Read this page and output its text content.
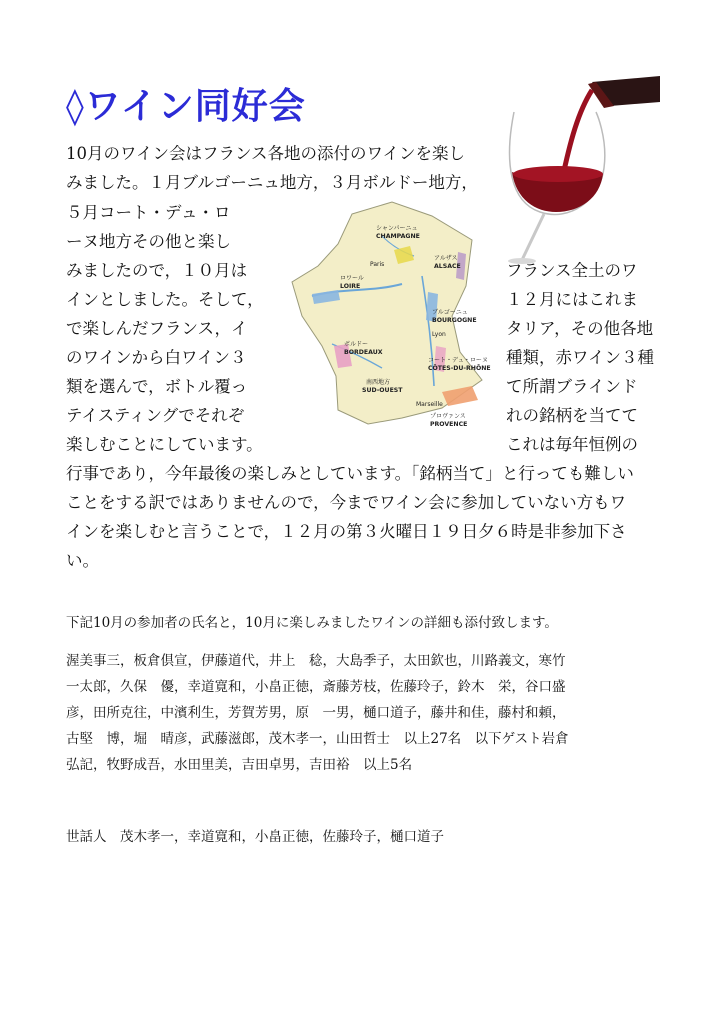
◊ワイン同好会
シャンパーニュ
CHAMPAGNE
Paris
アルザス
ALSACE
ロワール
LOIRE
ブルゴーニュ
BOURGOGNE
Lyon
ボルドー
BORDEAUX
コート・デュ・ローヌ
CÔTES-DU-RHÔNE
南西地方
SUD-OUEST
Marseille
プロヴァンス
PROVENCE
10月のワイン会はフランス各地の添付のワインを楽し
みました。１月ブルゴーニュ地方，３月ボルドー地方，
５月コート・デュ・ロ
ーヌ地方その他と楽し
みましたので，１０月は
インとしました。そして，
で楽しんだフランス，イ
のワインから白ワイン３
類を選んで，ボトル覆っ
テイスティングでそれぞ
楽しむことにしています。
行事であり，今年最後の楽しみとしています。「銘柄当て」と行っても難しい
ことをする訳ではありませんので，今までワイン会に参加していない方もワ
インを楽しむと言うことで，１２月の第３火曜日１９日夕６時是非参加下さ
い。
フランス全土のワ
１２月にはこれま
タリア，その他各地
種類，赤ワイン３種
て所謂ブラインド
れの銘柄を当てて
これは毎年恒例の
下記10月の参加者の氏名と，10月に楽しみましたワインの詳細も添付致します。
渥美事三，板倉倶宣，伊藤道代，井上　稔，大島季子，太田欽也，川路義文，寒竹
一太郎，久保　優，幸道寛和，小畠正徳，斎藤芳枝，佐藤玲子，鈴木　栄，谷口盛
彦，田所克往，中濱利生，芳賀芳男，原　一男，樋口道子，藤井和佳，藤村和頼，
古堅　博，堀　晴彦，武藤滋郎，茂木孝一，山田哲士　以上27名　以下ゲスト岩倉
弘記，牧野成吾，水田里美，吉田卓男，吉田裕　以上5名
世話人　茂木孝一，幸道寛和，小畠正徳，佐藤玲子，樋口道子
